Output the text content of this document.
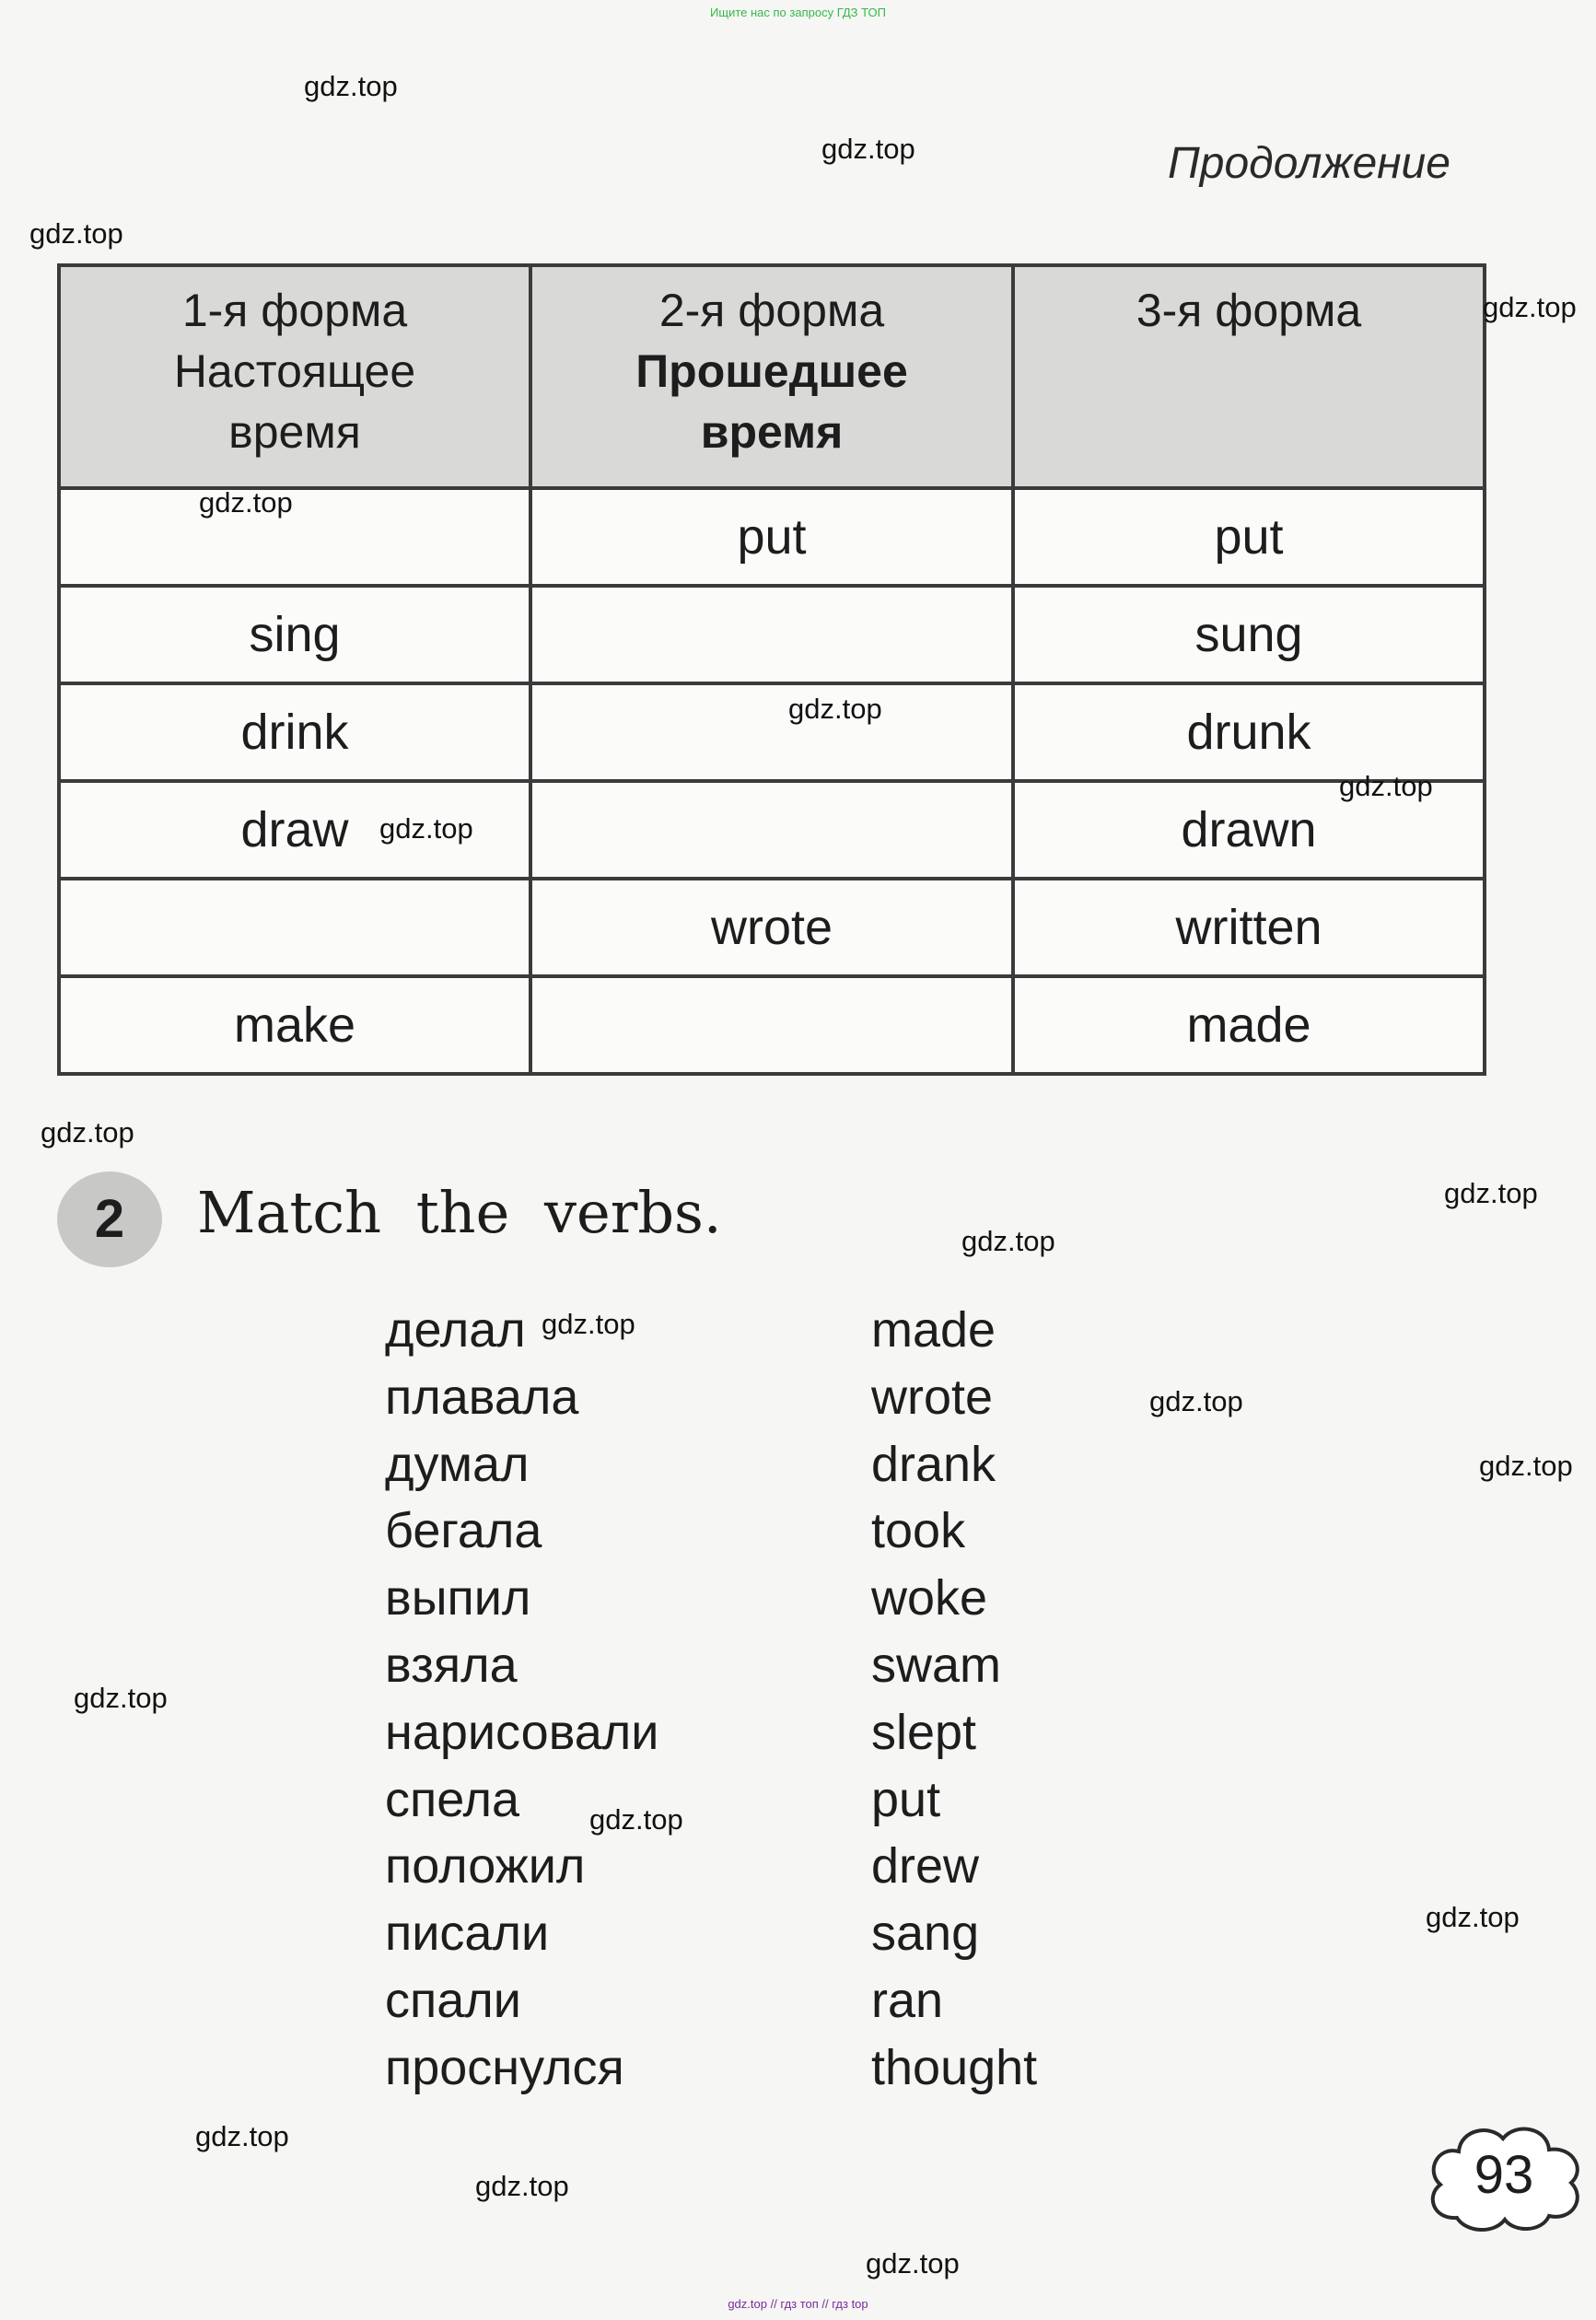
Ищите нас по запросу ГДЗ ТОП
Продолжение
1-я форма
Настоящее
время	2-я форма
Прошедшее
время	3-я форма

	put	put
sing		sung
drink		drunk
draw		drawn
	wrote	written
make		made
2	Match the verbs.
делал
плавала
думал
бегала
выпил
взяла
нарисовали
спела
положил
писали
спали
проснулся
made
wrote
drank
took
woke
swam
slept
put
drew
sang
ran
thought
93
gdz.top
gdz.top
gdz.top
gdz.top
gdz.top
gdz.top
gdz.top
gdz.top
gdz.top
gdz.top
gdz.top
gdz.top
gdz.top
gdz.top
gdz.top
gdz.top
gdz.top
gdz.top
gdz.top
gdz.top
gdz.top // гдз топ // гдз top
